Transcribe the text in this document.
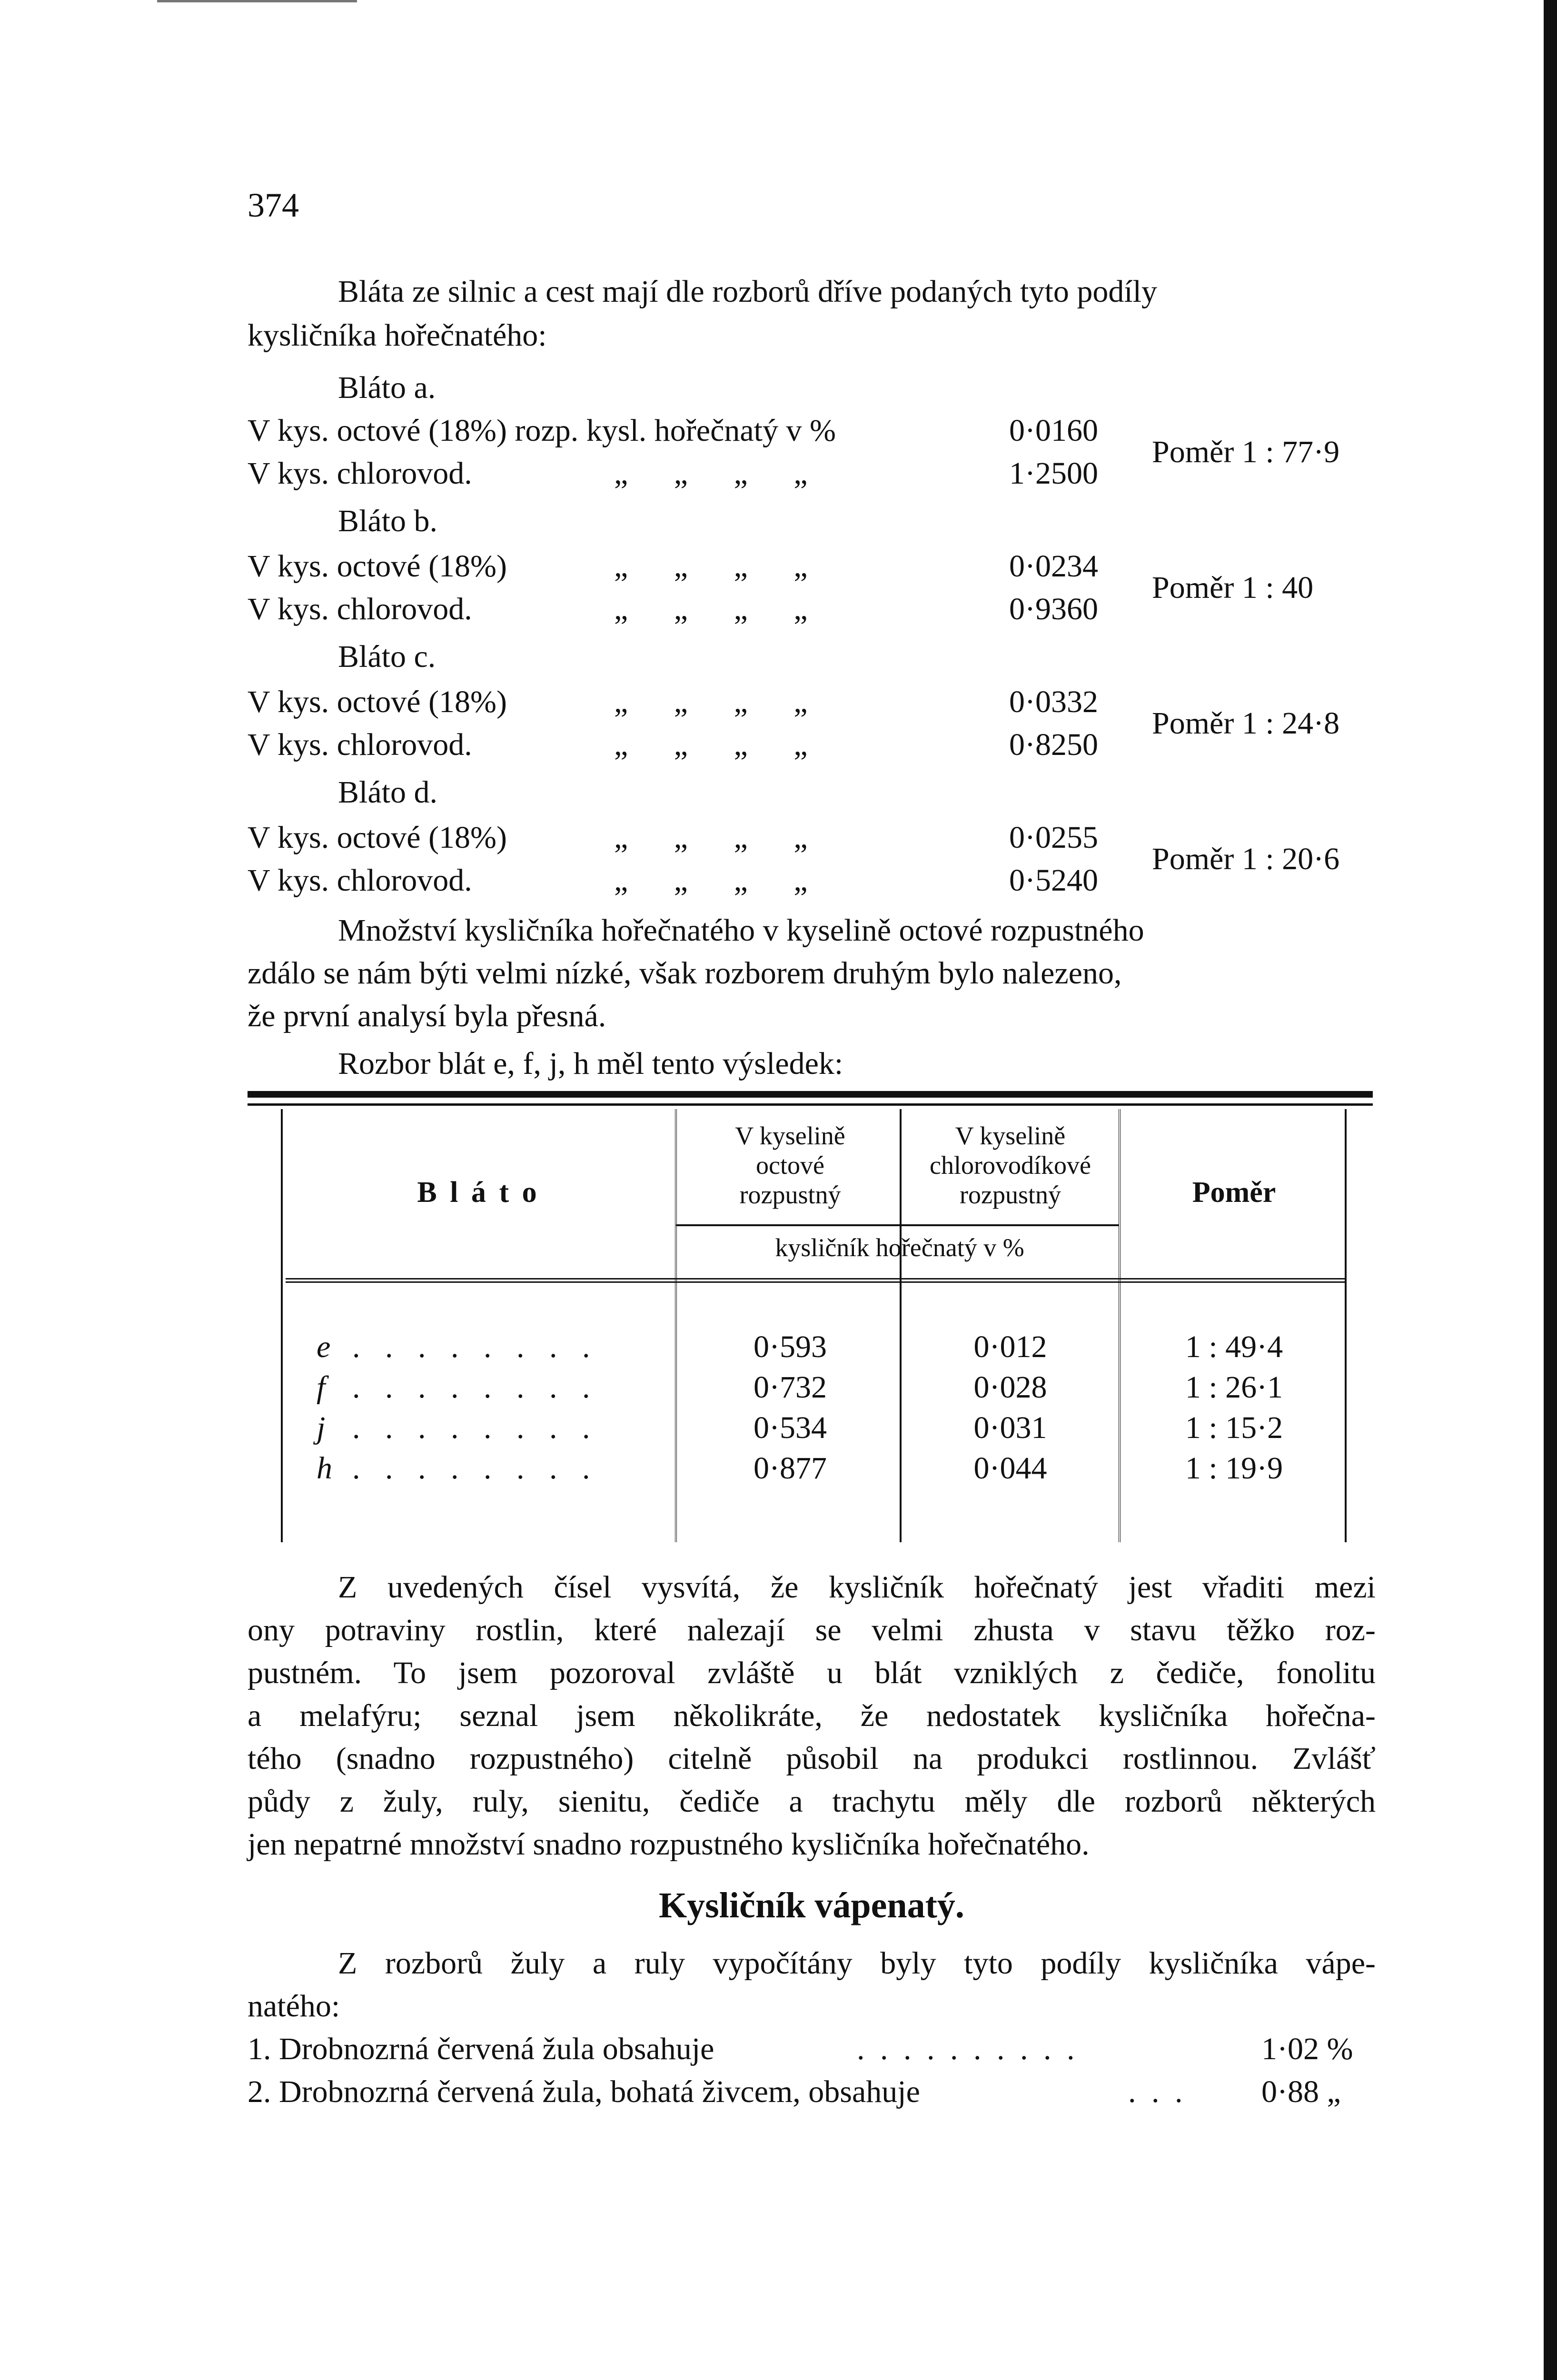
374
Bláta ze silnic a cest mají dle rozborů dříve podaných tyto podíly
kysličníka hořečnatého:
Bláto a.
V kys. octové (18%) rozp. kysl. hořečnatý v %	0·0160
V kys. chlorovod.	„ „ „ „	1·2500
Poměr 1 : 77·9
Bláto b.
V kys. octové (18%)	„ „ „ „	0·0234
V kys. chlorovod.	„ „ „ „	0·9360
Poměr 1 : 40
Bláto c.
V kys. octové (18%)	„ „ „ „	0·0332
V kys. chlorovod.	„ „ „ „	0·8250
Poměr 1 : 24·8
Bláto d.
V kys. octové (18%)	„ „ „ „	0·0255
V kys. chlorovod.	„ „ „ „	0·5240
Poměr 1 : 20·6
Množství kysličníka hořečnatého v kyselině octové rozpustného
zdálo se nám býti velmi nízké, však rozborem druhým bylo nalezeno,
že první analysí byla přesná.
Rozbor blát e, f, j, h měl tento výsledek:
B l á t o
V kyselině
octové
rozpustný
V kyselině
chlorovodíkové
rozpustný	Poměr
kysličník hořečnatý v %
e . . . . . . . .	0·593	0·012	1 : 49·4
f . . . . . . . .	0·732	0·028	1 : 26·1
j . . . . . . . .	0·534	0·031	1 : 15·2
h . . . . . . . .	0·877	0·044	1 : 19·9
Z uvedených čísel vysvítá, že kysličník hořečnatý jest vřaditi mezi
ony potraviny rostlin, které nalezají se velmi zhusta v stavu těžko roz-
pustném. To jsem pozoroval zvláště u blát vzniklých z čediče, fonolitu
a melafýru; seznal jsem několikráte, že nedostatek kysličníka hořečna-
tého (snadno rozpustného) citelně působil na produkci rostlinnou. Zvlášť
půdy z žuly, ruly, sienitu, čediče a trachytu měly dle rozborů některých
jen nepatrné množství snadno rozpustného kysličníka hořečnatého.
Kysličník vápenatý.
Z rozborů žuly a ruly vypočítány byly tyto podíly kysličníka vápe-
natého:
1. Drobnozrná červená žula obsahuje	. . . . . . . . . .	1·02 %
2. Drobnozrná červená žula, bohatá živcem, obsahuje	. . . 0·88 „
